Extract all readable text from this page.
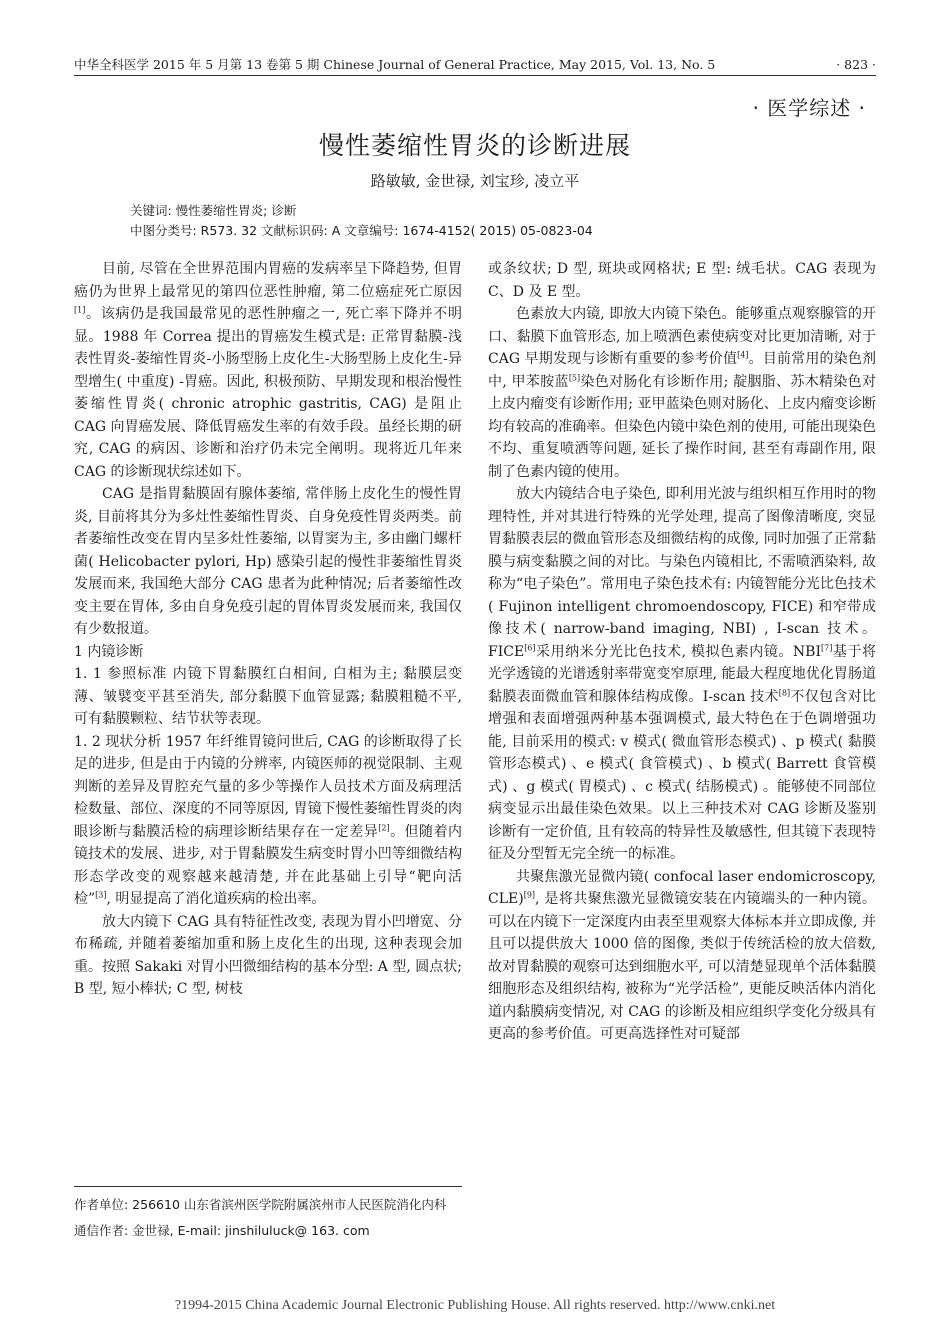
中华全科医学 2015 年 5 月第 13 卷第 5 期 Chinese Journal of General Practice, May 2015, Vol. 13, No. 5	· 823 ·
· 医学综述 ·
慢性萎缩性胃炎的诊断进展
路敏敏, 金世禄, 刘宝珍, 凌立平
关键词: 慢性萎缩性胃炎; 诊断
中图分类号: R573. 32 文献标识码: A 文章编号: 1674-4152( 2015) 05-0823-04

目前, 尽管在全世界范围内胃癌的发病率呈下降趋势, 但胃癌仍为世界上最常见的第四位恶性肿瘤, 第二位癌症死亡原因[1]。该病仍是我国最常见的恶性肿瘤之一, 死亡率下降并不明显。1988 年 Correa 提出的胃癌发生模式是: 正常胃黏膜-浅表性胃炎-萎缩性胃炎-小肠型肠上皮化生-大肠型肠上皮化生-异型增生( 中重度) -胃癌。因此, 积极预防、早期发现和根治慢性萎缩性胃炎( chronic atrophic gastritis, CAG) 是阻止 CAG 向胃癌发展、降低胃癌发生率的有效手段。虽经长期的研究, CAG 的病因、诊断和治疗仍未完全阐明。现将近几年来 CAG 的诊断现状综述如下。

CAG 是指胃黏膜固有腺体萎缩, 常伴肠上皮化生的慢性胃炎, 目前将其分为多灶性萎缩性胃炎、自身免疫性胃炎两类。前者萎缩性改变在胃内呈多灶性萎缩, 以胃窦为主, 多由幽门螺杆菌( Helicobacter pylori, Hp) 感染引起的慢性非萎缩性胃炎发展而来, 我国绝大部分 CAG 患者为此种情况; 后者萎缩性改变主要在胃体, 多由自身免疫引起的胃体胃炎发展而来, 我国仅有少数报道。

1 内镜诊断

1. 1 参照标准 内镜下胃黏膜红白相间, 白相为主; 黏膜层变薄、皱襞变平甚至消失, 部分黏膜下血管显露; 黏膜粗糙不平, 可有黏膜颗粒、结节状等表现。

1. 2 现状分析 1957 年纤维胃镜问世后, CAG 的诊断取得了长足的进步, 但是由于内镜的分辨率, 内镜医师的视觉限制、主观判断的差异及胃腔充气量的多少等操作人员技术方面及病理活检数量、部位、深度的不同等原因, 胃镜下慢性萎缩性胃炎的肉眼诊断与黏膜活检的病理诊断结果存在一定差异[2]。但随着内镜技术的发展、进步, 对于胃黏膜发生病变时胃小凹等细微结构形态学改变的观察越来越清楚, 并在此基础上引导“靶向活检”[3], 明显提高了消化道疾病的检出率。

放大内镜下 CAG 具有特征性改变, 表现为胃小凹增宽、分布稀疏, 并随着萎缩加重和肠上皮化生的出现, 这种表现会加重。按照 Sakaki 对胃小凹微细结构的基本分型: A 型, 圆点状; B 型, 短小棒状; C 型, 树枝

或条纹状; D 型, 斑块或网格状; E 型: 绒毛状。CAG 表现为 C、D 及 E 型。

色素放大内镜, 即放大内镜下染色。能够重点观察腺管的开口、黏膜下血管形态, 加上喷洒色素使病变对比更加清晰, 对于 CAG 早期发现与诊断有重要的参考价值[4]。目前常用的染色剂中, 甲苯胺蓝[5]染色对肠化有诊断作用; 靛胭脂、苏木精染色对上皮内瘤变有诊断作用; 亚甲蓝染色则对肠化、上皮内瘤变诊断均有较高的准确率。但染色内镜中染色剂的使用, 可能出现染色不均、重复喷洒等问题, 延长了操作时间, 甚至有毒副作用, 限制了色素内镜的使用。

放大内镜结合电子染色, 即利用光波与组织相互作用时的物理特性, 并对其进行特殊的光学处理, 提高了图像清晰度, 突显胃黏膜表层的微血管形态及细微结构的成像, 同时加强了正常黏膜与病变黏膜之间的对比。与染色内镜相比, 不需喷洒染料, 故称为“电子染色”。常用电子染色技术有: 内镜智能分光比色技术( Fujinon intelligent chromoendoscopy, FICE) 和窄带成像技术( narrow-band imaging, NBI) , I-scan 技术。FICE[6]采用纳米分光比色技术, 模拟色素内镜。NBI[7]基于将光学透镜的光谱透射率带宽变窄原理, 能最大程度地优化胃肠道黏膜表面微血管和腺体结构成像。I-scan 技术[8]不仅包含对比增强和表面增强两种基本强调模式, 最大特色在于色调增强功能, 目前采用的模式: v 模式( 微血管形态模式) 、p 模式( 黏膜管形态模式) 、e 模式( 食管模式) 、b 模式( Barrett 食管模式) 、g 模式( 胃模式) 、c 模式( 结肠模式) 。能够使不同部位病变显示出最佳染色效果。以上三种技术对 CAG 诊断及鉴别诊断有一定价值, 且有较高的特异性及敏感性, 但其镜下表现特征及分型暂无完全统一的标准。

共聚焦激光显微内镜( confocal laser endomicroscopy, CLE)[9], 是将共聚焦激光显微镜安装在内镜端头的一种内镜。可以在内镜下一定深度内由表至里观察大体标本并立即成像, 并且可以提供放大 1000 倍的图像, 类似于传统活检的放大倍数, 故对胃黏膜的观察可达到细胞水平, 可以清楚显现单个活体黏膜细胞形态及组织结构, 被称为“光学活检”, 更能反映活体内消化道内黏膜病变情况, 对 CAG 的诊断及相应组织学变化分级具有更高的参考价值。可更高选择性对可疑部

作者单位: 256610 山东省滨州医学院附属滨州市人民医院消化内科
通信作者: 金世禄, E-mail: jinshiluluck@ 163. com
?1994-2015 China Academic Journal Electronic Publishing House. All rights reserved. http://www.cnki.net
